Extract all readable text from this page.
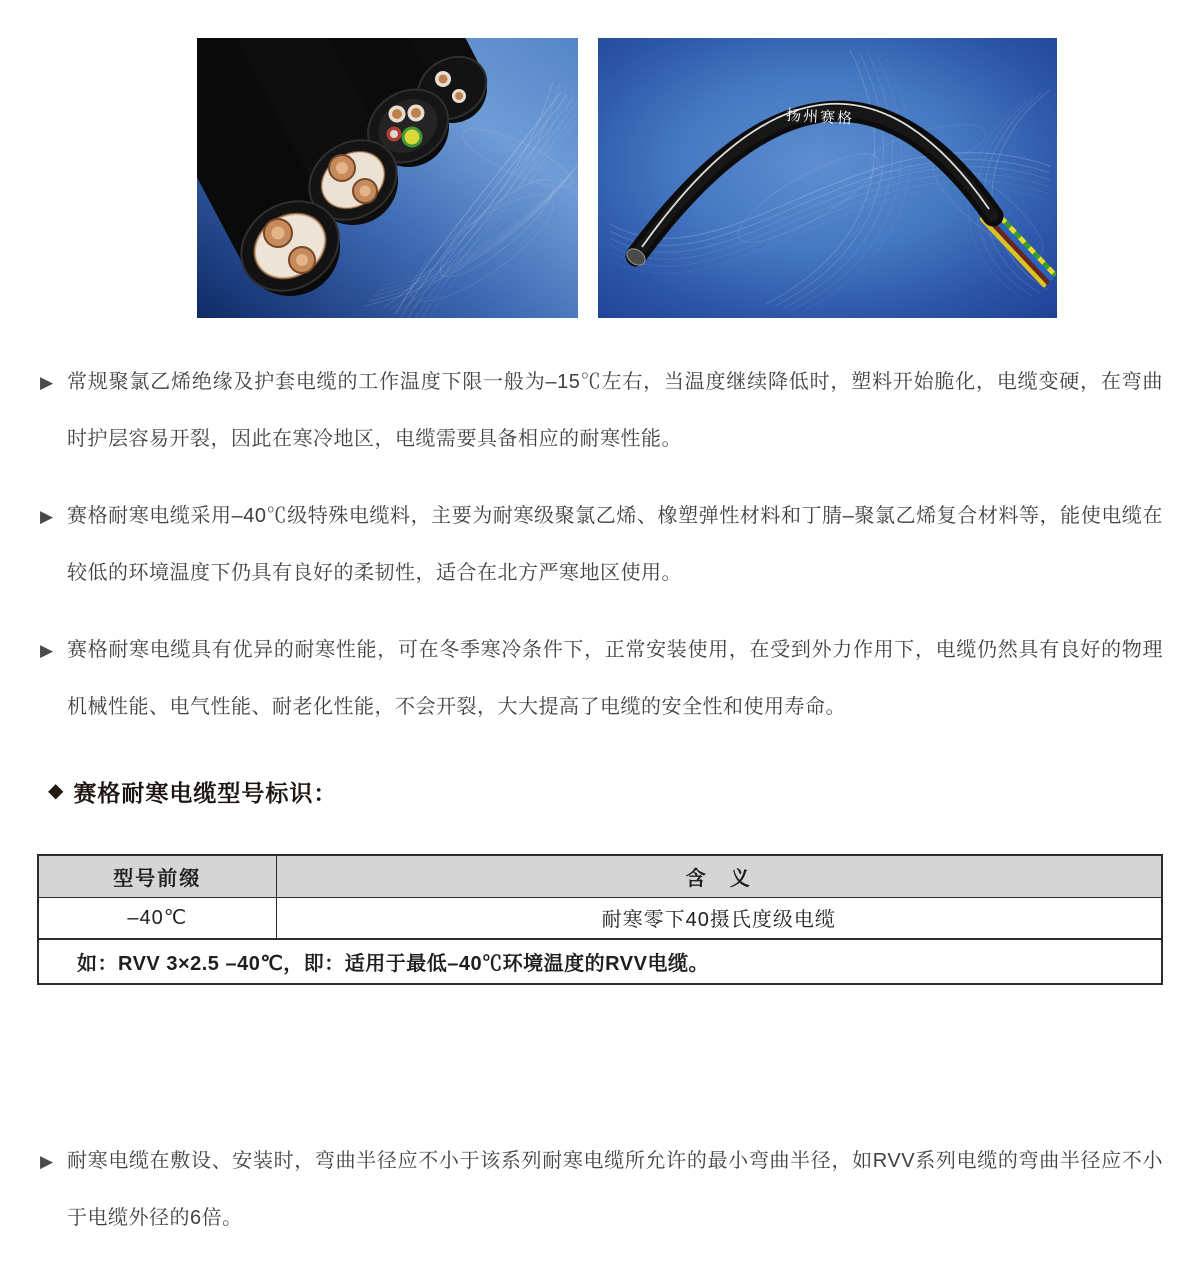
扬州赛格
▶ 常规聚氯乙烯绝缘及护套电缆的工作温度下限一般为–15℃左右，当温度继续降低时，塑料开始脆化，电缆变硬，在弯曲时护层容易开裂，因此在寒冷地区，电缆需要具备相应的耐寒性能。
▶ 赛格耐寒电缆采用–40℃级特殊电缆料，主要为耐寒级聚氯乙烯、橡塑弹性材料和丁腈–聚氯乙烯复合材料等，能使电缆在较低的环境温度下仍具有良好的柔韧性，适合在北方严寒地区使用。
▶ 赛格耐寒电缆具有优异的耐寒性能，可在冬季寒冷条件下，正常安装使用，在受到外力作用下，电缆仍然具有良好的物理机械性能、电气性能、耐老化性能，不会开裂，大大提高了电缆的安全性和使用寿命。
◆ 赛格耐寒电缆型号标识：
型号前缀	含　义
–40℃	耐寒零下40摄氏度级电缆
如：RVV 3×2.5 –40℃，即：适用于最低–40℃环境温度的RVV电缆。	
▶ 耐寒电缆在敷设、安装时，弯曲半径应不小于该系列耐寒电缆所允许的最小弯曲半径，如RVV系列电缆的弯曲半径应不小于电缆外径的6倍。
